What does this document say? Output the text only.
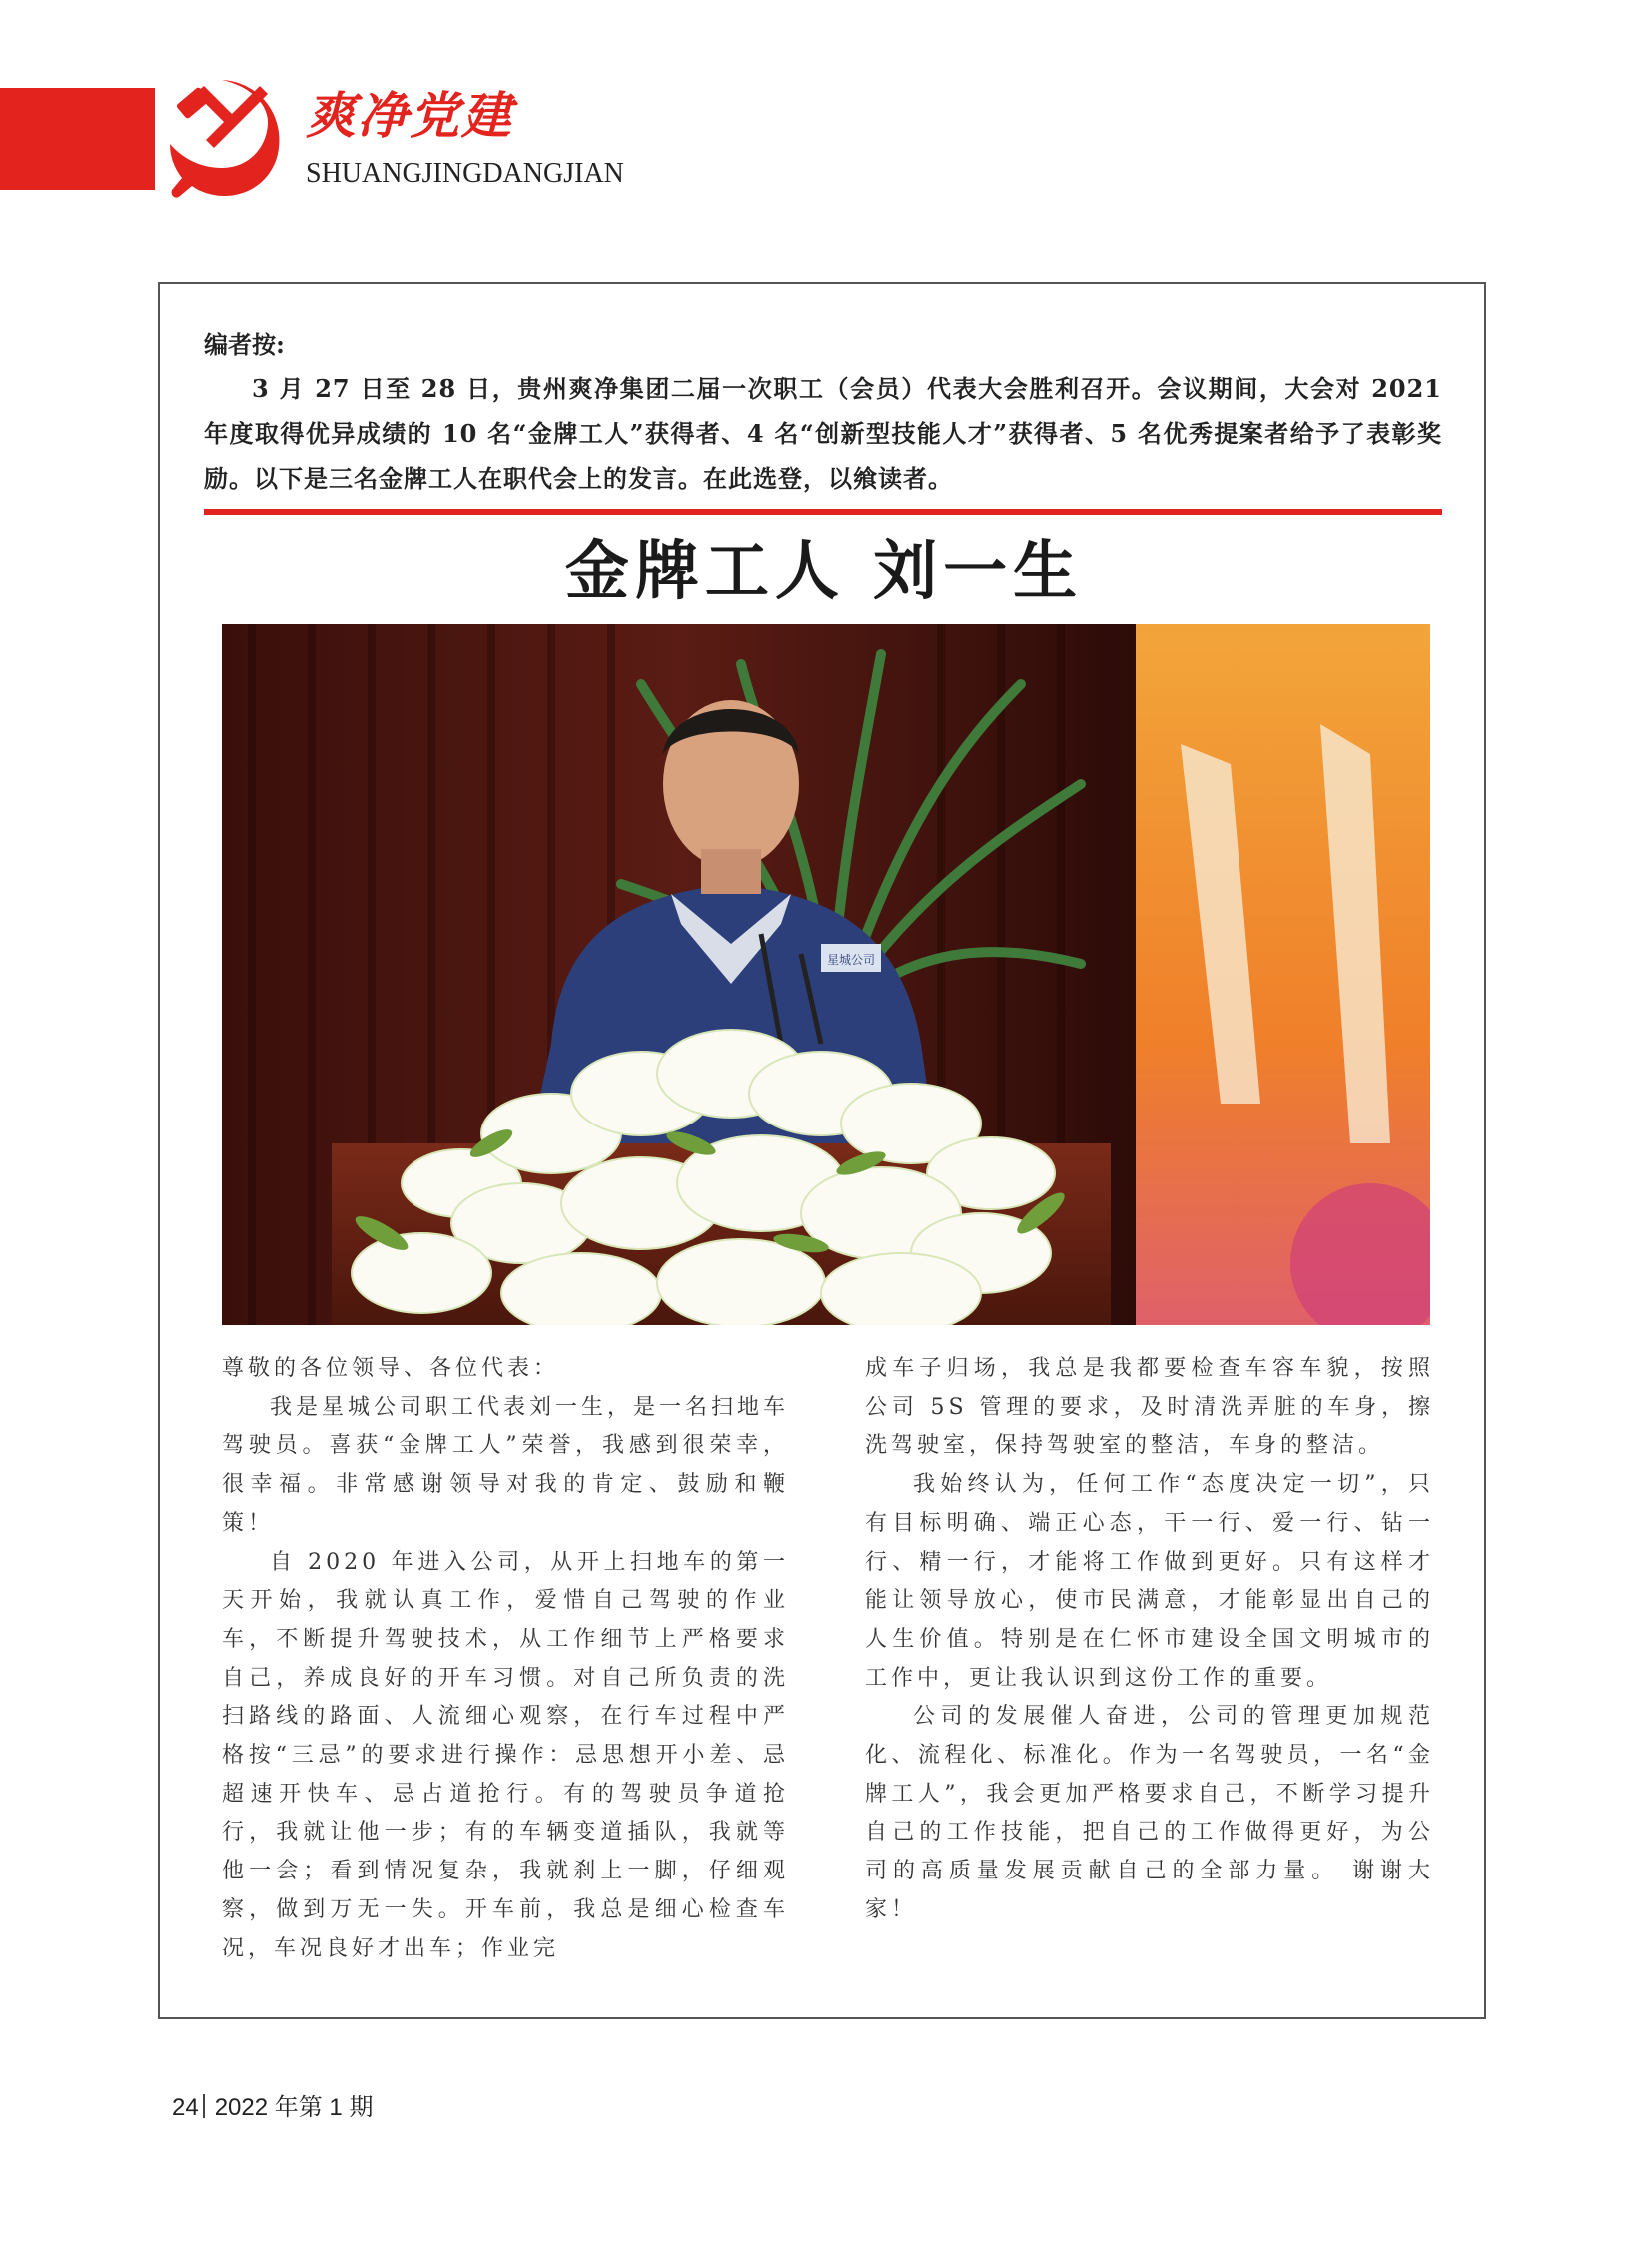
爽净党建
SHUANGJINGDANGJIAN
编者按:

3 月 27 日至 28 日，贵州爽净集团二届一次职工（会员）代表大会胜利召开。会议期间，大会对 2021 年度取得优异成绩的 10 名“金牌工人”获得者、4 名“创新型技能人才”获得者、5 名优秀提案者给予了表彰奖励。以下是三名金牌工人在职代会上的发言。在此选登，以飨读者。

金牌工人 刘一生
星城公司

尊敬的各位领导、各位代表：

我是星城公司职工代表刘一生，是一名扫地车驾驶员。喜获“金牌工人”荣誉，我感到很荣幸，很幸福。非常感谢领导对我的肯定、鼓励和鞭策！

自 2020 年进入公司，从开上扫地车的第一天开始，我就认真工作，爱惜自己驾驶的作业车，不断提升驾驶技术，从工作细节上严格要求自己，养成良好的开车习惯。对自己所负责的洗扫路线的路面、人流细心观察，在行车过程中严格按“三忌”的要求进行操作：忌思想开小差、忌超速开快车、忌占道抢行。有的驾驶员争道抢行，我就让他一步；有的车辆变道插队，我就等他一会；看到情况复杂，我就刹上一脚，仔细观察，做到万无一失。开车前，我总是细心检查车况，车况良好才出车；作业完

成车子归场，我总是我都要检查车容车貌，按照公司 5S 管理的要求，及时清洗弄脏的车身，擦洗驾驶室，保持驾驶室的整洁，车身的整洁。

我始终认为，任何工作“态度决定一切”，只有目标明确、端正心态，干一行、爱一行、钻一行、精一行，才能将工作做到更好。只有这样才能让领导放心，使市民满意，才能彰显出自己的人生价值。特别是在仁怀市建设全国文明城市的工作中，更让我认识到这份工作的重要。

公司的发展催人奋进，公司的管理更加规范化、流程化、标准化。作为一名驾驶员，一名“金牌工人”，我会更加严格要求自己，不断学习提升自己的工作技能，把自己的工作做得更好，为公司的高质量发展贡献自己的全部力量。 谢谢大家！

24 2022 年第 1 期
